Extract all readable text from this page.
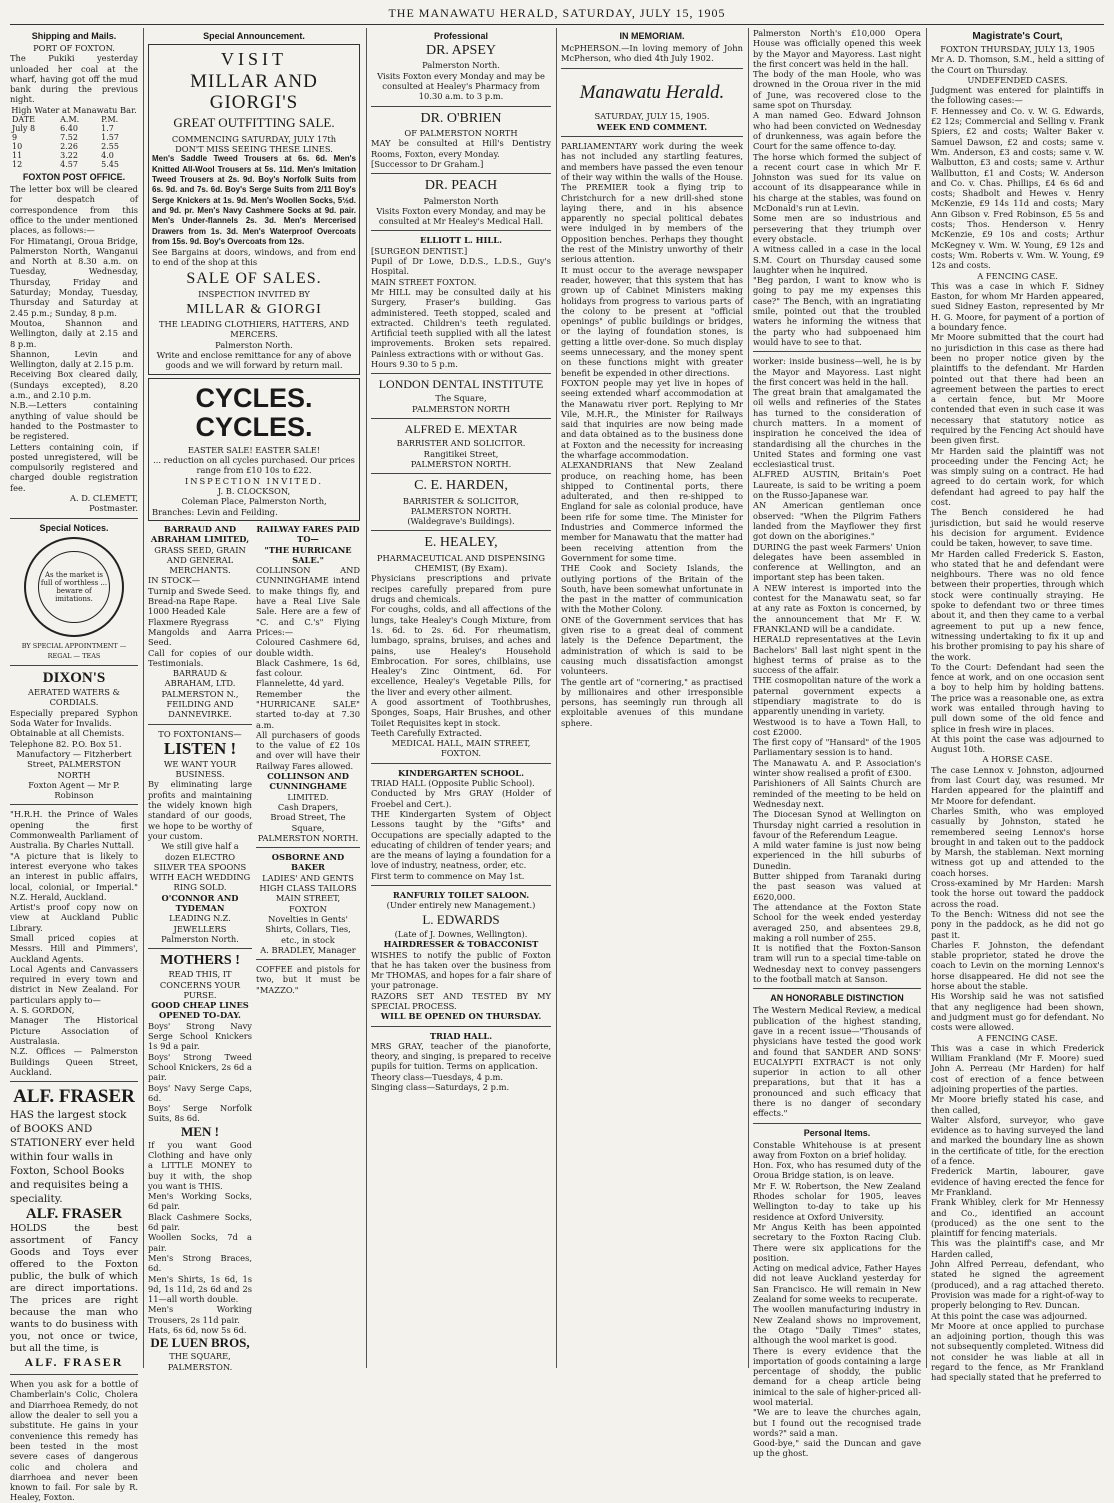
THE MANAWATU HERALD, SATURDAY, JULY 15, 1905
Shipping and Mails.
PORT OF FOXTON.

The Pukiki yesterday unloaded her coal at the wharf, having got off the mud bank during the previous night.

High Water at Manawatu Bar.
DATE	A.M.	P.M.
July 8	6.40	1.7
9	7.52	1.57
10	2.26	2.55
11	3.22	4.0
12	4.57	5.45
FOXTON POST OFFICE.

The letter box will be cleared for despatch of correspondence from this office to the under mentioned places, as follows:—
For Himatangi, Oroua Bridge, Palmerston North, Wanganui and North at 8.30 a.m. on Tuesday, Wednesday, Thursday, Friday and Saturday; Monday, Tuesday, Thursday and Saturday at 2.45 p.m.; Sunday, 8 p.m.
Moutoa, Shannon and Wellington, daily at 2.15 and 8 p.m.
Shannon, Levin and Wellington, daily at 2.15 p.m.
Receiving Box cleared daily, (Sundays excepted), 8.20 a.m., and 2.10 p.m.
N.B.—Letters containing anything of value should be handed to the Postmaster to be registered.
Letters containing coin, if posted unregistered, will be compulsorily registered and charged double registration fee.

A. D. CLEMETT,
Postmaster.

Special Notices.
As the market is full of worthless ... beware of imitations.
BY SPECIAL APPOINTMENT — REGAL — TEAS
DIXON'S
AERATED WATERS & CORDIALS.

Especially prepared Syphon Soda Water for Invalids.
Obtainable at all Chemists.

Telephone 82. P.O. Box 51.

Manufactory — Fitzherbert Street, PALMERSTON NORTH

Foxton Agent — Mr P. Robinson

"H.R.H. the Prince of Wales opening the first Commonwealth Parliament of Australia. By Charles Nuttall.
"A picture that is likely to interest everyone who takes an interest in public affairs, local, colonial, or Imperial." N.Z. Herald, Auckland.
Artist's proof copy now on view at Auckland Public Library.
Small priced copies at Messrs. Hill and Pimmers', Auckland Agents.
Local Agents and Canvassers required in every town and district in New Zealand. For particulars apply to—
A. S. GORDON,
Manager The Historical Picture Association of Australasia.
N.Z. Offices — Palmerston Buildings Queen Street, Auckland.

ALF. FRASER

HAS the largest stock of BOOKS AND STATIONERY ever held within four walls in Foxton, School Books and requisites being a speciality.

ALF. FRASER

HOLDS the best assortment of Fancy Goods and Toys ever offered to the Foxton public, the bulk of which are direct importations. The prices are right because the man who wants to do business with you, not once or twice, but all the time, is

ALF. FRASER

When you ask for a bottle of Chamberlain's Colic, Cholera and Diarrhoea Remedy, do not allow the dealer to sell you a substitute. He gains in your convenience this remedy has been tested in the most severe cases of dangerous colic and cholera and diarrhoea and never been known to fail. For sale by R. Healey, Foxton.

Special Announcement.
VISIT
MILLAR AND GIORGI'S
GREAT OUTFITTING SALE.
COMMENCING SATURDAY, JULY 17th
DON'T MISS SEEING THESE LINES.

Men's Saddle Tweed Trousers at 6s. 6d. Men's Knitted All-Wool Trousers at 5s. 11d. Men's Imitation Tweed Trousers at 2s. 9d. Boy's Norfolk Suits from 6s. 9d. and 7s. 6d. Boy's Serge Suits from 2/11 Boy's Serge Knickers at 1s. 9d. Men's Woollen Socks, 5½d. and 9d. pr. Men's Navy Cashmere Socks at 9d. pair. Men's Under-flannels 2s. 3d. Men's Mercerised Drawers from 1s. 3d. Men's Waterproof Overcoats from 15s. 9d. Boy's Overcoats from 12s.

See Bargains at doors, windows, and from end to end of the shop at this

SALE OF SALES.
INSPECTION INVITED BY
MILLAR & GIORGI
THE LEADING CLOTHIERS, HATTERS, AND MERCERS.
Palmerston North.

Write and enclose remittance for any of above goods and we will forward by return mail.

CYCLES. CYCLES.
EASTER SALE! EASTER SALE!

... reduction on all cycles purchased. Our prices range from £10 10s to £22.

INSPECTION INVITED.
J. B. CLOCKSON,
Coleman Place, Palmerston North,
Branches: Levin and Feilding.
BARRAUD AND ABRAHAM LIMITED,
GRASS SEED, GRAIN AND GENERAL MERCHANTS.

IN STOCK—
Turnip and Swede Seed.
Bread-na Rape Rape.
1000 Headed Kale
Flaxmere Ryegrass
Mangolds and Aarra Seed.
Call for copies of our Testimonials.

BARRAUD & ABRAHAM, LTD.
PALMERSTON N., FEILDING AND DANNEVIRKE.

TO FOXTONIANS—
LISTEN !
WE WANT YOUR BUSINESS.

By eliminating large profits and maintaining the widely known high standard of our goods, we hope to be worthy of your custom.

We still give half a dozen ELECTRO SILVER TEA SPOONS WITH EACH WEDDING RING SOLD.

O'CONNOR AND TYDEMAN

LEADING N.Z. JEWELLERS
Palmerston North.

MOTHERS !
READ THIS, IT CONCERNS YOUR PURSE.
GOOD CHEAP LINES OPENED TO-DAY.

Boys' Strong Navy Serge School Knickers 1s 9d a pair.
Boys' Strong Tweed School Knickers, 2s 6d a pair.
Boys' Navy Serge Caps, 6d.
Boys' Serge Norfolk Suits, 8s 6d.

MEN !

If you want Good Clothing and have only a LITTLE MONEY to buy it with, the shop you want is THIS.
Men's Working Socks, 6d pair.
Black Cashmere Socks, 6d pair.
Woollen Socks, 7d a pair.
Men's Strong Braces, 6d.
Men's Shirts, 1s 6d, 1s 9d, 1s 11d, 2s 6d and 2s 11—all worth double.
Men's Working Trousers, 2s 11d pair.
Hats, 6s 6d, now 5s 6d.

DE LUEN BROS,

THE SQUARE,
PALMERSTON.

RAILWAY FARES PAID TO—
"THE HURRICANE SALE."

COLLINSON AND CUNNINGHAME intend to make things fly, and have a Real Live Sale Sale. Here are a few of "C. and C.'s" Flying Prices:—
Coloured Cashmere 6d, double width.
Black Cashmere, 1s 6d, fast colour.
Flannelette, 4d yard.
Remember the "HURRICANE SALE" started to-day at 7.30 a.m.
All purchasers of goods to the value of £2 10s and over will have their Railway Fares allowed.

COLLINSON AND CUNNINGHAME

LIMITED.
Cash Drapers,
Broad Street, The Square,
PALMERSTON NORTH.

OSBORNE AND BAKER
LADIES' AND GENTS HIGH CLASS TAILORS
MAIN STREET, FOXTON

Novelties in Gents' Shirts, Collars, Ties, etc., in stock

A. BRADLEY, Manager

COFFEE and pistols for two, but it must be "MAZZO."

Professional
DR. APSEY

Palmerston North.
Visits Foxton every Monday and may be consulted at Healey's Pharmacy from 10.30 a.m. to 3 p.m.

DR. O'BRIEN
OF PALMERSTON NORTH

MAY be consulted at Hill's Dentistry Rooms, Foxton, every Monday.
[Successor to Dr Graham.]

DR. PEACH

Palmerston North
Visits Foxton every Monday, and may be consulted at Mr Healey's Medical Hall.

ELLIOTT L. HILL.

[SURGEON DENTIST.]
Pupil of Dr Lowe, D.D.S., L.D.S., Guy's Hospital.
MAIN STREET FOXTON.
Mr HILL may be consulted daily at his Surgery, Fraser's building. Gas administered. Teeth stopped, scaled and extracted. Children's teeth regulated. Artificial teeth supplied with all the latest improvements. Broken sets repaired. Painless extractions with or without Gas.
Hours 9.30 to 5 p.m.

LONDON DENTAL INSTITUTE

The Square,
PALMERSTON NORTH

ALFRED E. MEXTAR

BARRISTER AND SOLICITOR.
Rangitikei Street,
PALMERSTON NORTH.

C. E. HARDEN,

BARRISTER & SOLICITOR,
PALMERSTON NORTH.
(Waldegrave's Buildings).

E. HEALEY,
PHARMACEUTICAL AND DISPENSING CHEMIST, (By Exam).

Physicians prescriptions and private recipes carefully prepared from pure drugs and chemicals.
For coughs, colds, and all affections of the lungs, take Healey's Cough Mixture, from 1s. 6d. to 2s. 6d. For rheumatism, lumbago, sprains, bruises, and aches and pains, use Healey's Household Embrocation. For sores, chilblains, use Healey's Zinc Ointment, 6d. For excellence, Healey's Vegetable Pills, for the liver and every other ailment.
A good assortment of Toothbrushes, Sponges, Soaps, Hair Brushes, and other Toilet Requisites kept in stock.
Teeth Carefully Extracted.

MEDICAL HALL, MAIN STREET, FOXTON.
KINDERGARTEN SCHOOL.

TRIAD HALL (Opposite Public School).
Conducted by Mrs GRAY (Holder of Froebel and Cert.).
THE Kindergarten System of Object Lessons taught by the "Gifts" and Occupations are specially adapted to the educating of children of tender years; and are the means of laying a foundation for a love of industry, neatness, order, etc.
First term to commence on May 1st.

RANFURLY TOILET SALOON.
(Under entirely new Management.)
L. EDWARDS
(Late of J. Downes, Wellington).
HAIRDRESSER & TOBACCONIST

WISHES to notify the public of Foxton that he has taken over the business from Mr THOMAS, and hopes for a fair share of your patronage.
RAZORS SET AND TESTED BY MY SPECIAL PROCESS.

WILL BE OPENED ON THURSDAY.
TRIAD HALL.

MRS GRAY, teacher of the pianoforte, theory, and singing, is prepared to receive pupils for tuition. Terms on application.
Theory class—Tuesdays, 4 p.m.
Singing class—Saturdays, 2 p.m.

IN MEMORIAM.

McPHERSON.—In loving memory of John McPherson, who died 4th July 1902.

Manawatu Herald.
SATURDAY, JULY 15, 1905.
WEEK END COMMENT.

PARLIAMENTARY work during the week has not included any startling features, and members have passed the even tenour of their way within the walls of the House. The PREMIER took a flying trip to Christchurch for a new drill-shed stone laying there, and in his absence apparently no special political debates were indulged in by members of the Opposition benches. Perhaps they thought the rest of the Ministry unworthy of their serious attention.
It must occur to the average newspaper reader, however, that this system that has grown up of Cabinet Ministers making holidays from progress to various parts of the colony to be present at "official openings" of public buildings or bridges, or the laying of foundation stones, is getting a little over-done. So much display seems unnecessary, and the money spent on these functions might with greater benefit be expended in other directions.
FOXTON people may yet live in hopes of seeing extended wharf accommodation at the Manawatu river port. Replying to Mr Vile, M.H.R., the Minister for Railways said that inquiries are now being made and data obtained as to the business done at Foxton and the necessity for increasing the wharfage accommodation.
ALEXANDRIANS that New Zealand produce, on reaching home, has been shipped to Continental ports, there adulterated, and then re-shipped to England for sale as colonial produce, have been rife for some time. The Minister for Industries and Commerce informed the member for Manawatu that the matter had been receiving attention from the Government for some time.
THE Cook and Society Islands, the outlying portions of the Britain of the South, have been somewhat unfortunate in the past in the matter of communication with the Mother Colony.
ONE of the Government services that has given rise to a great deal of comment lately is the Defence Department, the administration of which is said to be causing much dissatisfaction amongst volunteers.
The gentle art of "cornering," as practised by millionaires and other irresponsible persons, has seemingly run through all exploitable avenues of this mundane sphere.

Palmerston North's £10,000 Opera House was officially opened this week by the Mayor and Mayoress. Last night the first concert was held in the hall.
The body of the man Hoole, who was drowned in the Oroua river in the mid of June, was recovered close to the same spot on Thursday.
A man named Geo. Edward Johnson who had been convicted on Wednesday of drunkenness, was again before the Court for the same offence to-day.
The horse which formed the subject of a recent court case in which Mr F. Johnston was sued for its value on account of its disappearance while in his charge at the stables, was found on McDonald's run at Levin.
Some men are so industrious and persevering that they triumph over every obstacle.
A witness called in a case in the local S.M. Court on Thursday caused some laughter when he inquired.
"Beg pardon, I want to know who is going to pay me my expenses this case?" The Bench, with an ingratiating smile, pointed out that the troubled waters he informing the witness that the party who had subpoenaed him would have to see to that.

worker: inside business—well, he is by the Mayor and Mayoress. Last night the first concert was held in the hall.
The great brain that amalgamated the oil wells and refineries of the States has turned to the consideration of church matters. In a moment of inspiration he conceived the idea of standardising all the churches in the United States and forming one vast ecclesiastical trust.
ALFRED AUSTIN, Britain's Poet Laureate, is said to be writing a poem on the Russo-Japanese war.
AN American gentleman once observed: "When the Pilgrim Fathers landed from the Mayflower they first got down on the aborigines."
DURING the past week Farmers' Union delegates have been assembled in conference at Wellington, and an important step has been taken.
A NEW interest is imported into the contest for the Manawatu seat, so far at any rate as Foxton is concerned, by the announcement that Mr F. W. FRANKLAND will be a candidate.
HERALD representatives at the Levin Bachelors' Ball last night spent in the highest terms of praise as to the success of the affair.
THE cosmopolitan nature of the work a paternal government expects a stipendiary magistrate to do is apparently unending in variety.
Westwood is to have a Town Hall, to cost £2000.
The first copy of "Hansard" of the 1905 Parliamentary session is to hand.
The Manawatu A. and P. Association's winter show realised a profit of £300.
Parishioners of All Saints Church are reminded of the meeting to be held on Wednesday next.
The Diocesan Synod at Wellington on Thursday night carried a resolution in favour of the Referendum League.
A mild water famine is just now being experienced in the hill suburbs of Dunedin.
Butter shipped from Taranaki during the past season was valued at £620,000.
The attendance at the Foxton State School for the week ended yesterday averaged 250, and absentees 29.8, making a roll number of 255.
It is notified that the Foxton-Sanson tram will run to a special time-table on Wednesday next to convey passengers to the football match at Sanson.

AN HONORABLE DISTINCTION

The Western Medical Review, a medical publication of the highest standing, gave in a recent issue—"Thousands of physicians have tested the good work and found that SANDER AND SONS' EUCALYPTI EXTRACT is not only superior in action to all other preparations, but that it has a pronounced and such efficacy that there is no danger of secondary effects."

Personal Items.

Constable Whitehouse is at present away from Foxton on a brief holiday.
Hon. Fox, who has resumed duty of the Oroua Bridge station, is on leave.
Mr F. W. Robertson, the New Zealand Rhodes scholar for 1905, leaves Wellington to-day to take up his residence at Oxford University.
Mr Angus Keith has been appointed secretary to the Foxton Racing Club. There were six applications for the position.
Acting on medical advice, Father Hayes did not leave Auckland yesterday for San Francisco. He will remain in New Zealand for some weeks to recuperate.
The woollen manufacturing industry in New Zealand shows no improvement, the Otago "Daily Times" states, although the wool market is good.
There is every evidence that the importation of goods containing a large percentage of shoddy, the public demand for a cheap article being inimical to the sale of higher-priced all-wool material.
"We are to leave the churches again, but I found out the recognised trade words?" said a man.
Good-bye," said the Duncan and gave up the ghost.

Magistrate's Court,
FOXTON THURSDAY, JULY 13, 1905

Mr A. D. Thomson, S.M., held a sitting of the Court on Thursday.

UNDEFENDED CASES.

Judgment was entered for plaintiffs in the following cases:—
F. Hennessey and Co. v. W. G. Edwards, £2 12s; Commercial and Selling v. Frank Spiers, £2 and costs; Walter Baker v. Samuel Dawson, £2 and costs; same v. Wm. Anderson, £3 and costs; same v. W. Walbutton, £3 and costs; same v. Arthur Wallbutton, £1 and Costs; W. Anderson and Co. v. Chas. Phillips, £4 6s 6d and costs; Shadbolt and Hewes v. Henry McKenzie, £9 14s 11d and costs; Mary Ann Gibson v. Fred Robinson, £5 5s and costs; Thos. Henderson v. Henry McKenzie, £9 10s and costs; Arthur McKegney v. Wm. W. Young, £9 12s and costs; Wm. Roberts v. Wm. W. Young, £9 12s and costs.

A FENCING CASE.

This was a case in which F. Sidney Easton, for whom Mr Harden appeared, sued Sidney Easton, represented by Mr H. G. Moore, for payment of a portion of a boundary fence.
Mr Moore submitted that the court had no jurisdiction in this case as there had been no proper notice given by the plaintiffs to the defendant. Mr Harden pointed out that there had been an agreement between the parties to erect a certain fence, but Mr Moore contended that even in such case it was necessary that statutory notice as required by the Fencing Act should have been given first.
Mr Harden said the plaintiff was not proceeding under the Fencing Act; he was simply suing on a contract. He had agreed to do certain work, for which defendant had agreed to pay half the cost.
The Bench considered he had jurisdiction, but said he would reserve his decision for argument. Evidence could be taken, however, to save time.
Mr Harden called Frederick S. Easton, who stated that he and defendant were neighbours. There was no old fence between their properties, through which stock were continually straying. He spoke to defendant two or three times about it, and then they came to a verbal agreement to put up a new fence, witnessing undertaking to fix it up and his brother promising to pay his share of the work.
To the Court: Defendant had seen the fence at work, and on one occasion sent a boy to help him by holding battens. The price was a reasonable one, as extra work was entailed through having to pull down some of the old fence and splice in fresh wire in places.
At this point the case was adjourned to August 10th.

A HORSE CASE.

The case Lennox v. Johnston, adjourned from last Court day, was resumed. Mr Harden appeared for the plaintiff and Mr Moore for defendant.
Charles Smith, who was employed casually by Johnston, stated he remembered seeing Lennox's horse brought in and taken out to the paddock by Marsh, the stableman. Next morning witness got up and attended to the coach horses.
Cross-examined by Mr Harden: Marsh took the horse out toward the paddock across the road.
To the Bench: Witness did not see the pony in the paddock, as he did not go past it.
Charles F. Johnston, the defendant stable proprietor, stated he drove the coach to Levin on the morning Lennox's horse disappeared. He did not see the horse about the stable.
His Worship said he was not satisfied that any negligence had been shown, and judgment must go for defendant. No costs were allowed.

A FENCING CASE.

This was a case in which Frederick William Frankland (Mr F. Moore) sued John A. Perreau (Mr Harden) for half cost of erection of a fence between adjoining properties of the parties.
Mr Moore briefly stated his case, and then called,
Walter Alsford, surveyor, who gave evidence as to having surveyed the land and marked the boundary line as shown in the certificate of title, for the erection of a fence.
Frederick Martin, labourer, gave evidence of having erected the fence for Mr Frankland.
Frank Whibley, clerk for Mr Hennessy and Co., identified an account (produced) as the one sent to the plaintiff for fencing materials.
This was the plaintiff's case, and Mr Harden called,
John Alfred Perreau, defendant, who stated he signed the agreement (produced), and a rag attached thereto. Provision was made for a right-of-way to properly belonging to Rev. Duncan.
At this point the case was adjourned.
Mr Moore at once applied to purchase an adjoining portion, though this was not subsequently completed. Witness did not consider he was liable at all in regard to the fence, as Mr Frankland had specially stated that he preferred to
